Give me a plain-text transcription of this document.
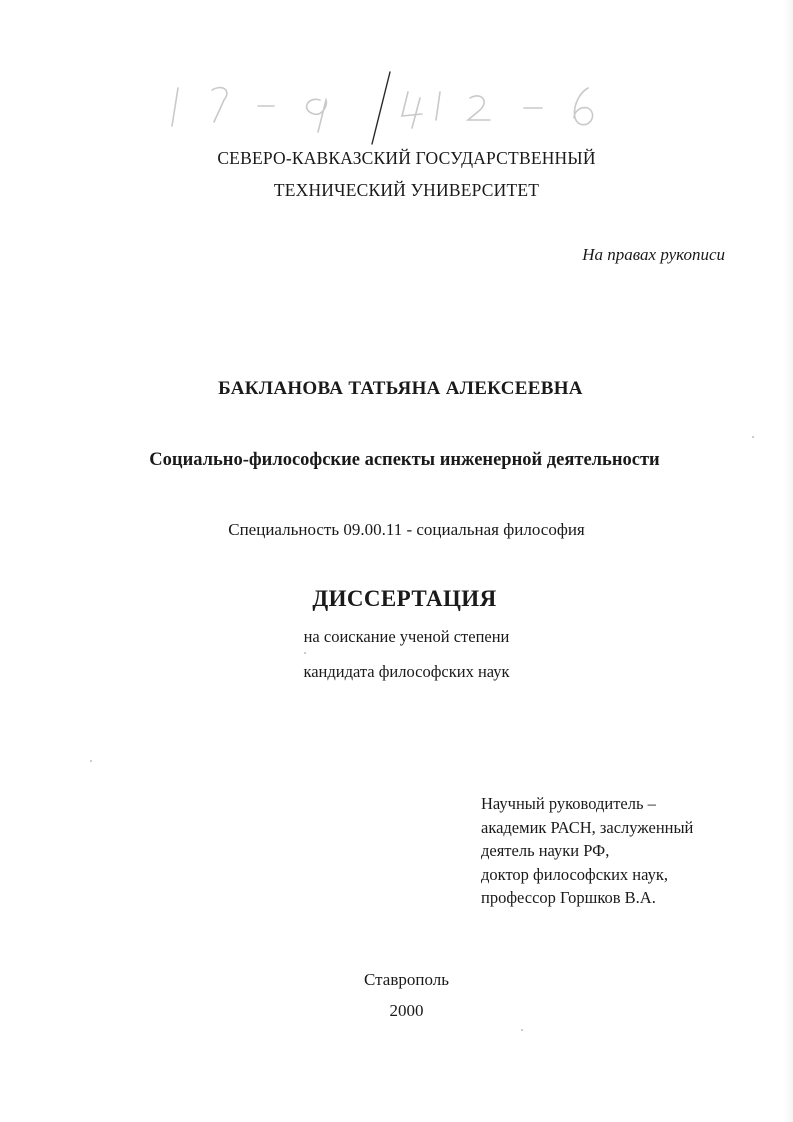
1 7 - 9 / 41 2 - 6
СЕВЕРО-КАВКАЗСКИЙ ГОСУДАРСТВЕННЫЙ
ТЕХНИЧЕСКИЙ УНИВЕРСИТЕТ
На правах рукописи
БАКЛАНОВА ТАТЬЯНА АЛЕКСЕЕВНА
Социально-философские аспекты инженерной деятельности
Специальность 09.00.11 - социальная философия
ДИССЕРТАЦИЯ
на соискание ученой степени
кандидата философских наук
Научный руководитель –
академик РАСН, заслуженный
деятель науки РФ,
доктор философских наук,
профессор Горшков В.А.
Ставрополь
2000
